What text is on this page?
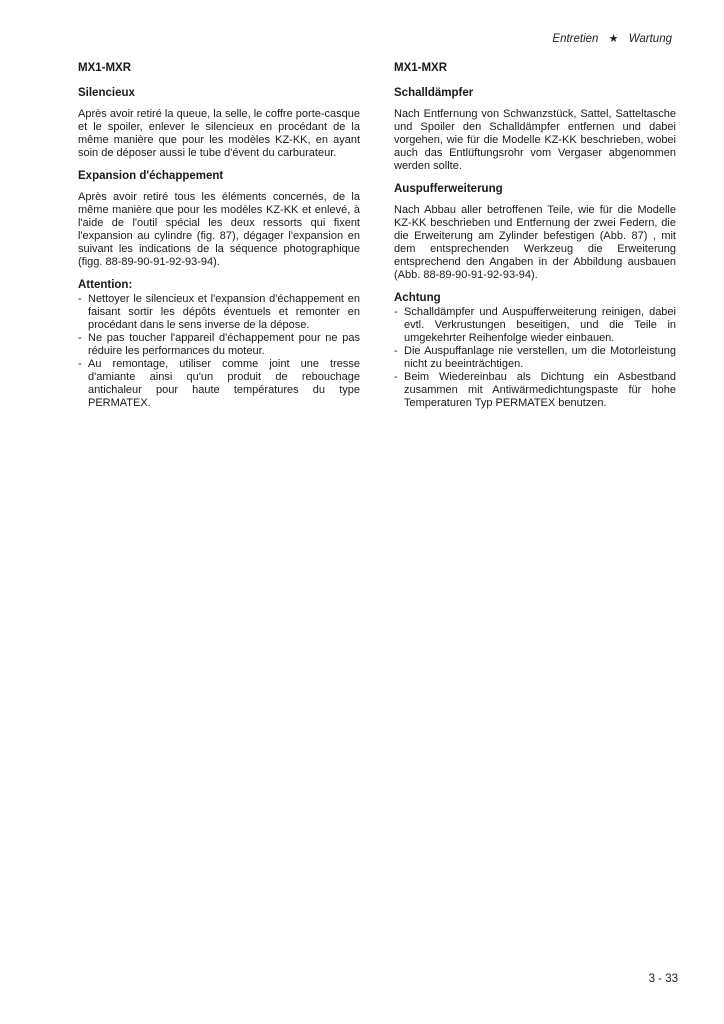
Entretien ★ Wartung
MX1-MXR
Silencieux

Après avoir retiré la queue, la selle, le coffre porte-casque et le spoiler, enlever le silencieux en procédant de la même manière que pour les modèles KZ-KK, en ayant soin de déposer aussi le tube d'évent du carburateur.

Expansion d'échappement

Après avoir retiré tous les éléments concernés, de la même manière que pour les modèles KZ-KK et enlevé, à l'aide de l'outil spécial les deux ressorts qui fixent l'expansion au cylindre (fig. 87), dégager l'expansion en suivant les indications de la séquence photographique (figg. 88-89-90-91-92-93-94).

Attention:
- Nettoyer le silencieux et l'expansion d'échappement en faisant sortir les dépôts éventuels et remonter en procédant dans le sens inverse de la dépose.
- Ne pas toucher l'appareil d'échappement pour ne pas réduire les performances du moteur.
- Au remontage, utiliser comme joint une tresse d'amiante ainsi qu'un produit de rebouchage antichaleur pour haute températures du type PERMATEX.
MX1-MXR
Schalldämpfer

Nach Entfernung von Schwanzstück, Sattel, Satteltasche und Spoiler den Schalldämpfer entfernen und dabei vorgehen, wie für die Modelle KZ-KK beschrieben, wobei auch das Entlüftungsrohr vom Vergaser abgenommen werden sollte.

Auspufferweiterung

Nach Abbau aller betroffenen Teile, wie für die Modelle KZ-KK beschrieben und Entfernung der zwei Federn, die die Erweiterung am Zylinder befestigen (Abb. 87) , mit dem entsprechenden Werkzeug die Erweiterung entsprechend den Angaben in der Abbildung ausbauen (Abb. 88-89-90-91-92-93-94).

Achtung
- Schalldämpfer und Auspufferweiterung reinigen, dabei evtl. Verkrustungen beseitigen, und die Teile in umgekehrter Reihenfolge wieder einbauen.
- Die Auspuffanlage nie verstellen, um die Motorleistung nicht zu beeinträchtigen.
- Beim Wiedereinbau als Dichtung ein Asbestband zusammen mit Antiwärmedichtungspaste für hohe Temperaturen Typ PERMATEX benutzen.
3 - 33
